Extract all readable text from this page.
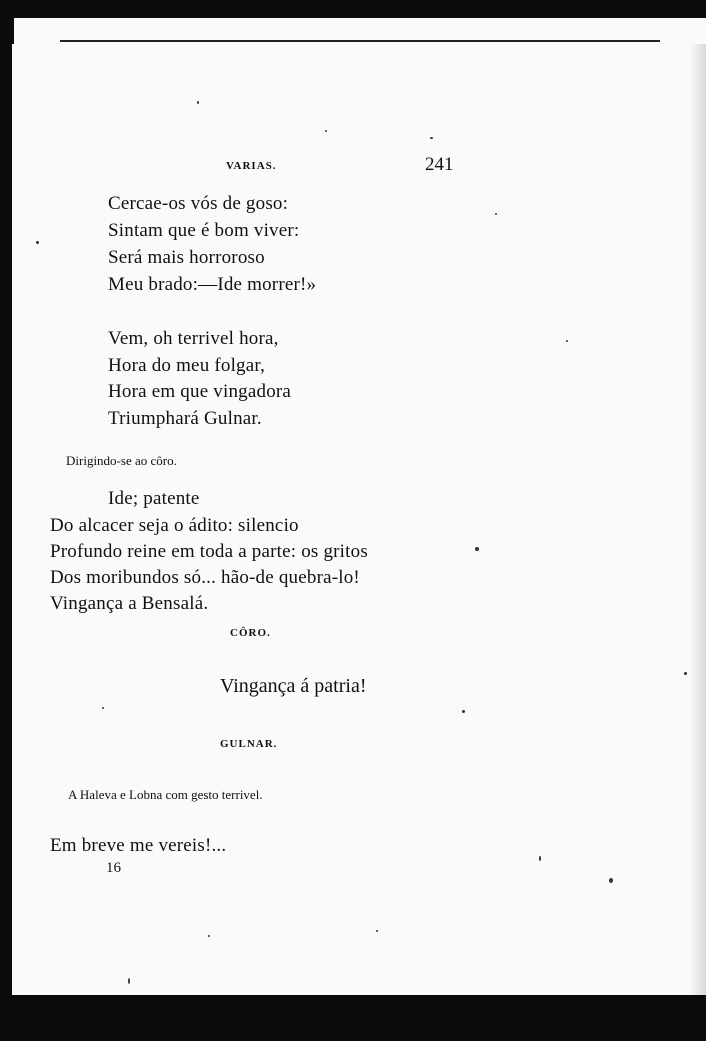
VARIAS.	241
Cercae-os vós de goso:
Sintam que é bom viver:
Será mais horroroso
Meu brado:—Ide morrer!»
Vem, oh terrivel hora,
Hora do meu folgar,
Hora em que vingadora
Triumphará Gulnar.
Dirigindo-se ao côro.
Ide; patente
Do alcacer seja o ádito: silencio
Profundo reine em toda a parte: os gritos
Dos moribundos só... hão-de quebra-lo!
Vingança a Bensalá.
CÔRO.
Vingança á patria!
GULNAR.
A Haleva e Lobna com gesto terrivel.
Em breve me vereis!...
16
